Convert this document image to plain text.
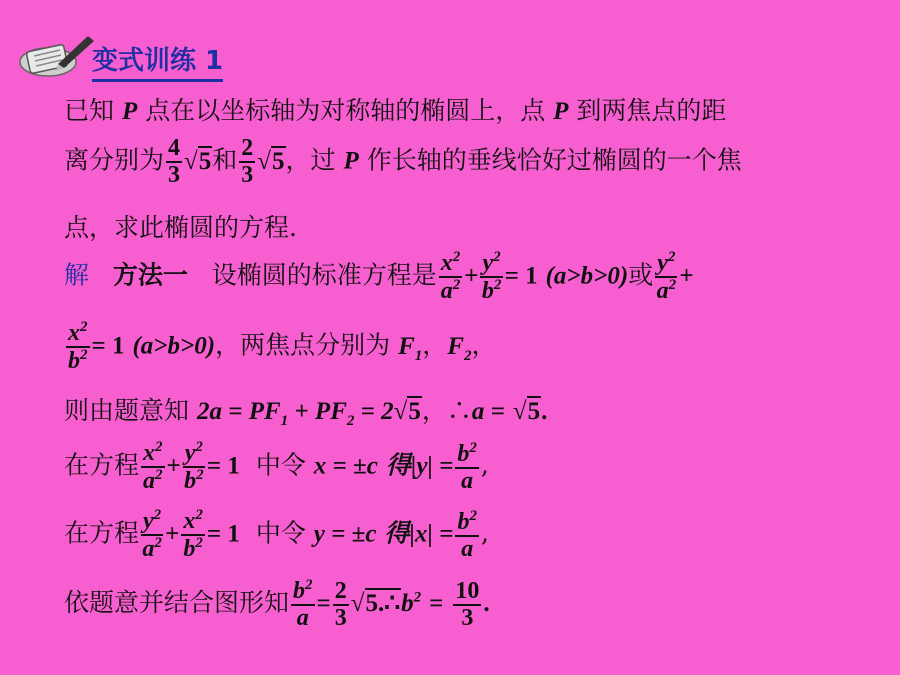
变式训练 1
已知 P 点在以坐标轴为对称轴的椭圆上，点 P 到两焦点的距
离分别为 $\frac{4}{3} √5$和 $\frac{2}{3} √5$，过 P 作长轴的垂线恰好过椭圆的一个焦
点，求此椭圆的方程.
解 方法一 设椭圆的标准方程是 $\frac{x^2}{a^2} + \frac{y^2}{b^2} = 1$ (a>b>0)或 $\frac{y^2}{a^2}$ +
$\frac{x^2}{b^2} = 1$ (a>b>0)，两焦点分别为 $F_1$，$F_2$，
则由题意知 $2a = PF_1 + PF_2 = 2√5$，∴a = √5.
在方程 $\frac{x^2}{a^2} + \frac{y^2}{b^2} = 1$ 中令 x = ±c 得$|y| = \frac{b^2}{a}$ ,
在方程 $\frac{y^2}{a^2} + \frac{x^2}{b^2} = 1$ 中令 y = ±c 得$|x| = \frac{b^2}{a}$ ,
依题意并结合图形知 $\frac{b^2}{a} = \frac{2}{3}$ $√5.\therefore b^2 = \frac{10}{3}$ .
